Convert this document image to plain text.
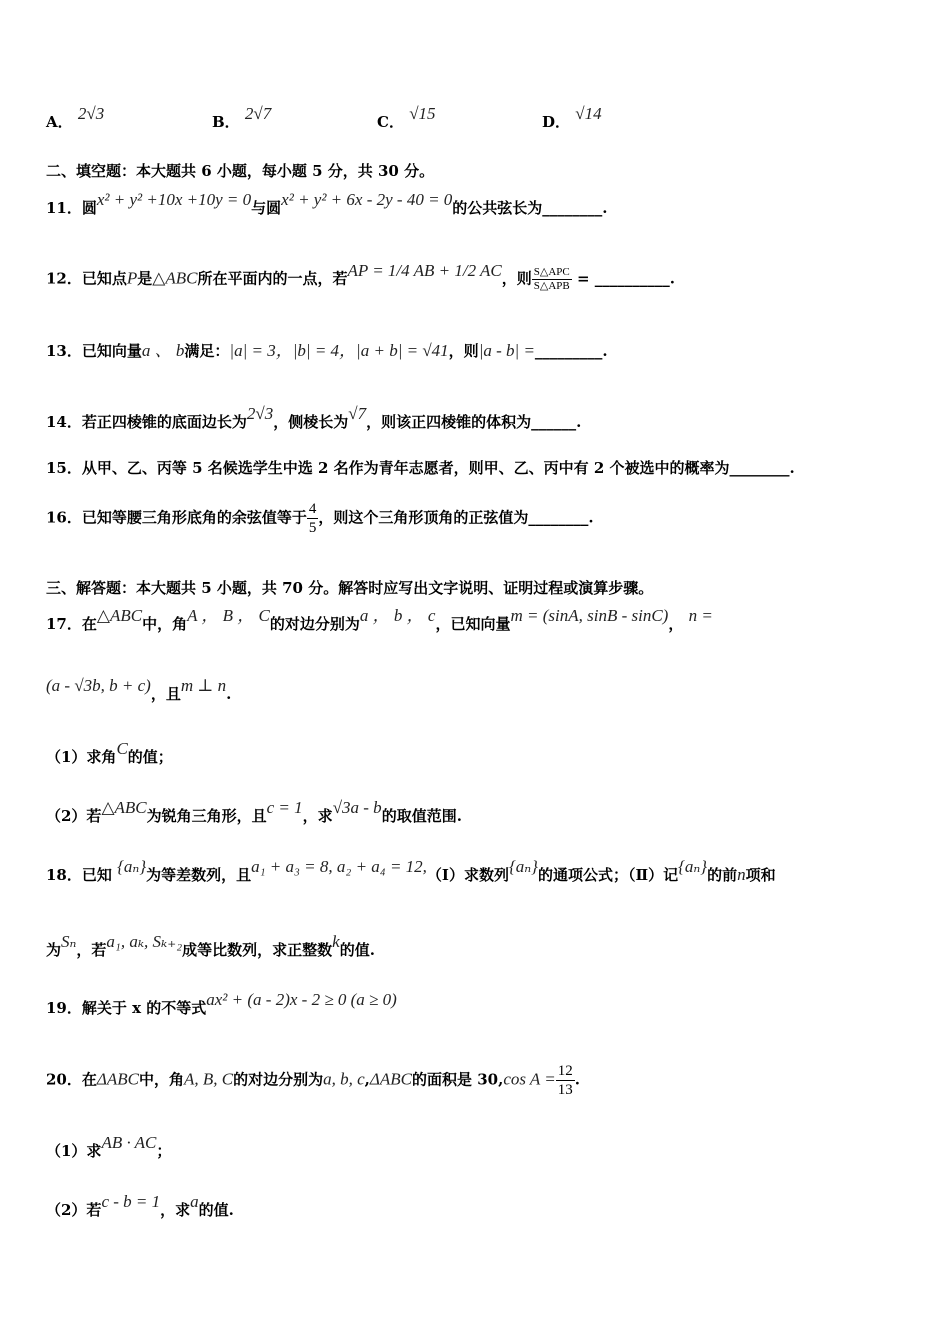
A． 2√3	B． 2√7	C． √15	D． √14
二、填空题：本大题共 6 小题，每小题 5 分，共 30 分。
11．圆x² + y² +10x +10y = 0与圆x² + y² + 6x - 2y - 40 = 0的公共弦长为________.
12．已知点P是△ABC所在平面内的一点，若AP = 1/4 AB + 1/2 AC，则 $\frac{\text{S△APC}}{\text{S△APB}}$ = __________.
13．已知向量a 、 b满足：|a| = 3，|b| = 4，|a + b| = √41，则|a - b| =_________.
14．若正四棱锥的底面边长为2√3，侧棱长为√7，则该正四棱锥的体积为______.
15．从甲、乙、丙等 5 名候选学生中选 2 名作为青年志愿者，则甲、乙、丙中有 2 个被选中的概率为________.
16．已知等腰三角形底角的余弦值等于 $\frac{4}{5}$ ，则这个三角形顶角的正弦值为________.
三、解答题：本大题共 5 小题，共 70 分。解答时应写出文字说明、证明过程或演算步骤。
17．在△ABC中，角A ， B ， C的对边分别为a ， b ， c，已知向量m = (sinA, sinB - sinC)， n =
(a - √3b, b + c)，且m ⊥ n.
（1）求角C的值；
（2）若△ABC为锐角三角形，且c = 1，求√3a - b的取值范围.
18．已知 {aₙ}为等差数列，且a₁ + a₃ = 8, a₂ + a₄ = 12,（Ⅰ）求数列{aₙ}的通项公式；（Ⅱ）记{aₙ}的前n项和
为Sₙ，若a₁, aₖ, Sₖ₊₂成等比数列，求正整数k的值.
19．解关于 x 的不等式ax² + (a - 2)x - 2 ≥ 0 (a ≥ 0)
20．在ΔABC中，角A, B, C的对边分别为a, b, c,ΔABC的面积是 30,cos $A = \frac{12}{13}$ .
（1）求AB · AC；
（2）若c - b = 1，求a的值.
